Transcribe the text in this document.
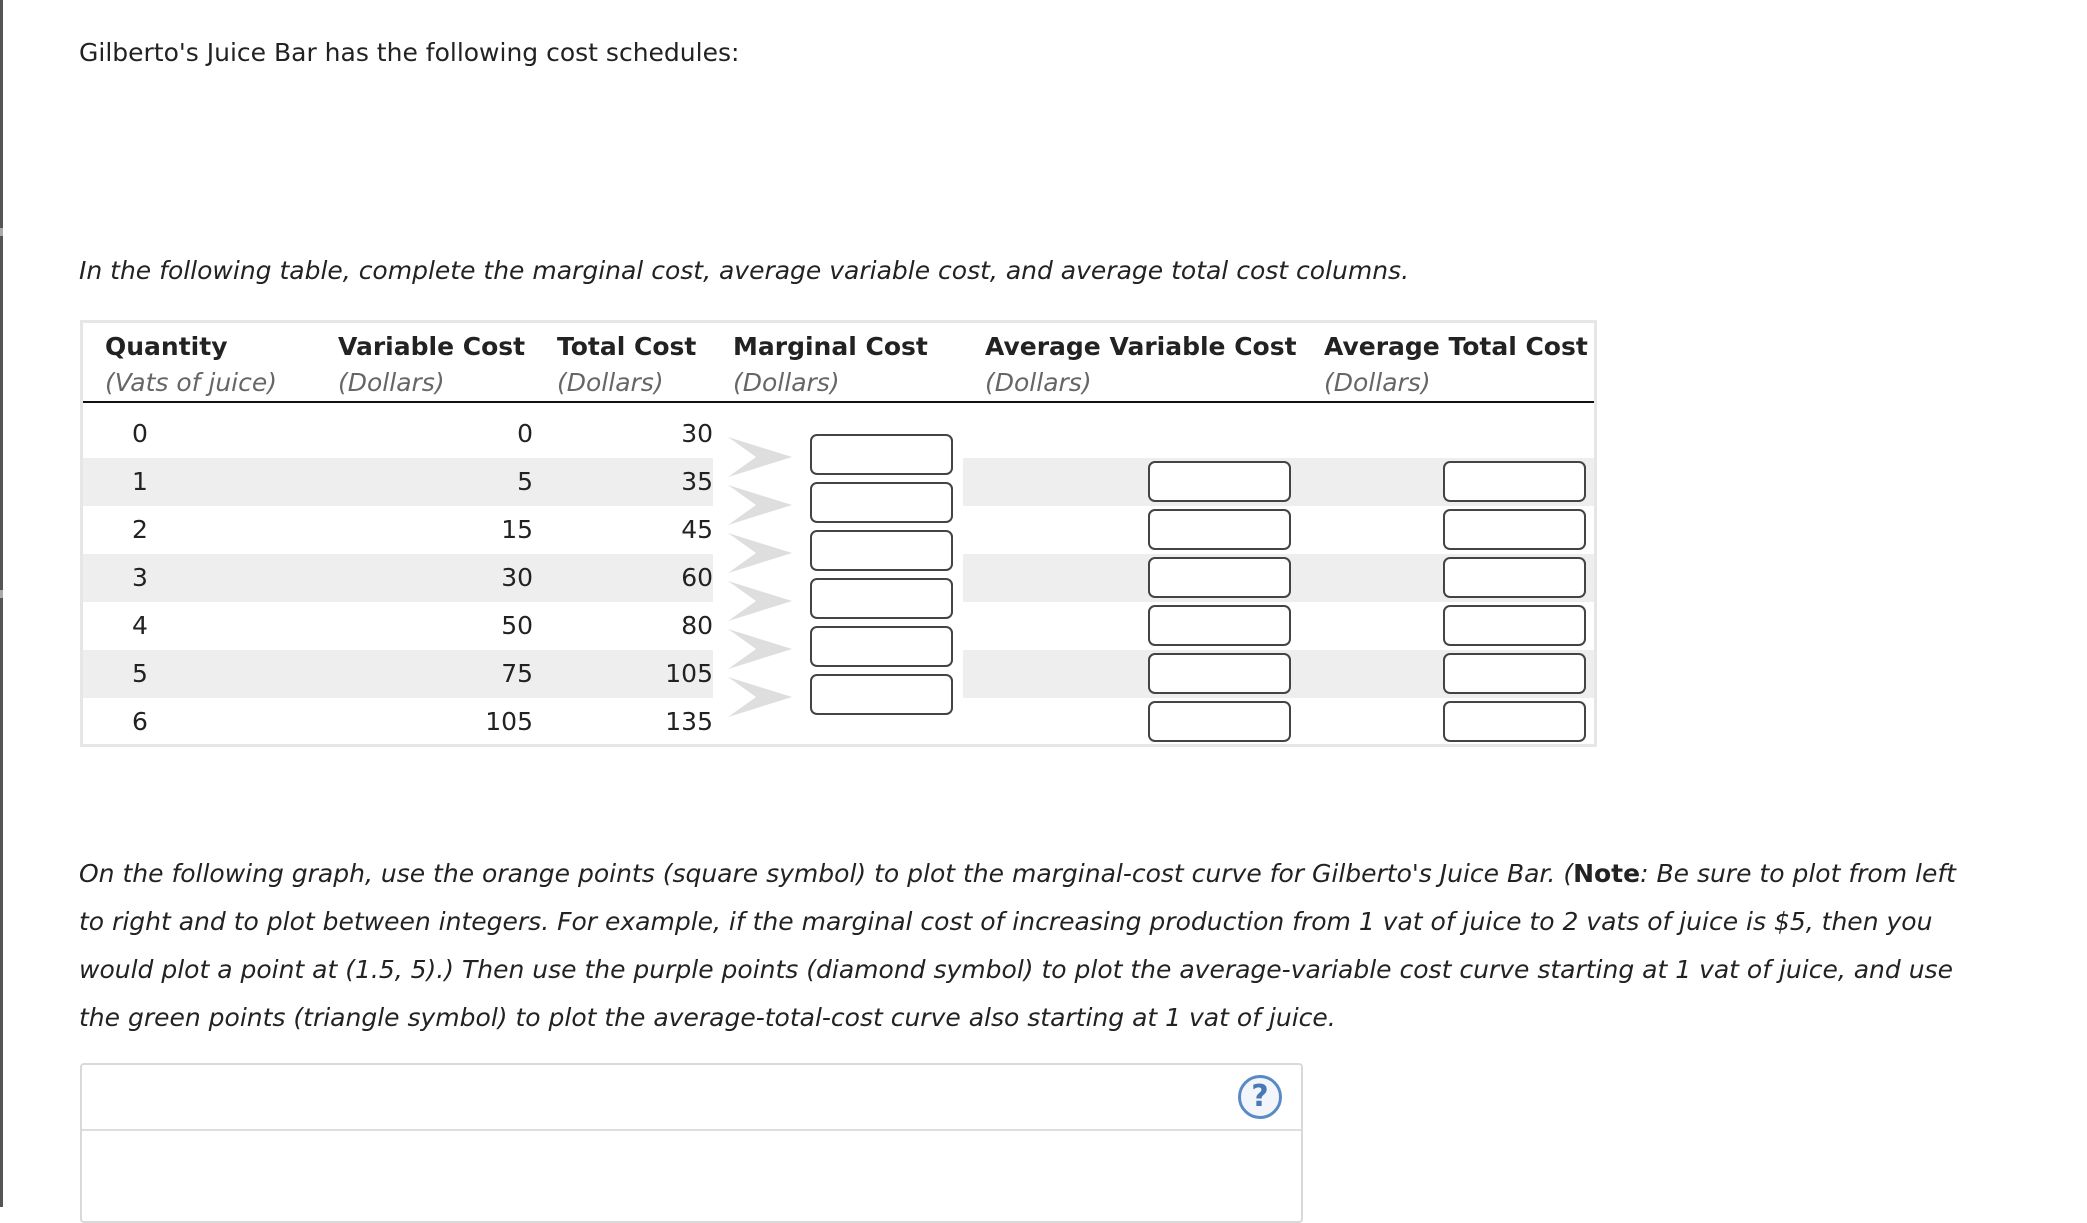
Gilberto's Juice Bar has the following cost schedules:
In the following table, complete the marginal cost, average variable cost, and average total cost columns.
Quantity
(Vats of juice)
Variable Cost
(Dollars)
Total Cost
(Dollars)
Marginal Cost
(Dollars)
Average Variable Cost
(Dollars)
Average Total Cost
(Dollars)
0	0	30
1	5	35
2	15	45
3	30	60
4	50	80
5	75	105
6	105	135
On the following graph, use the orange points (square symbol) to plot the marginal-cost curve for Gilberto's Juice Bar. (Note: Be sure to plot from left to right and to plot between integers. For example, if the marginal cost of increasing production from 1 vat of juice to 2 vats of juice is $5, then you would plot a point at (1.5, 5).) Then use the purple points (diamond symbol) to plot the average-variable cost curve starting at 1 vat of juice, and use the green points (triangle symbol) to plot the average-total-cost curve also starting at 1 vat of juice.
?
